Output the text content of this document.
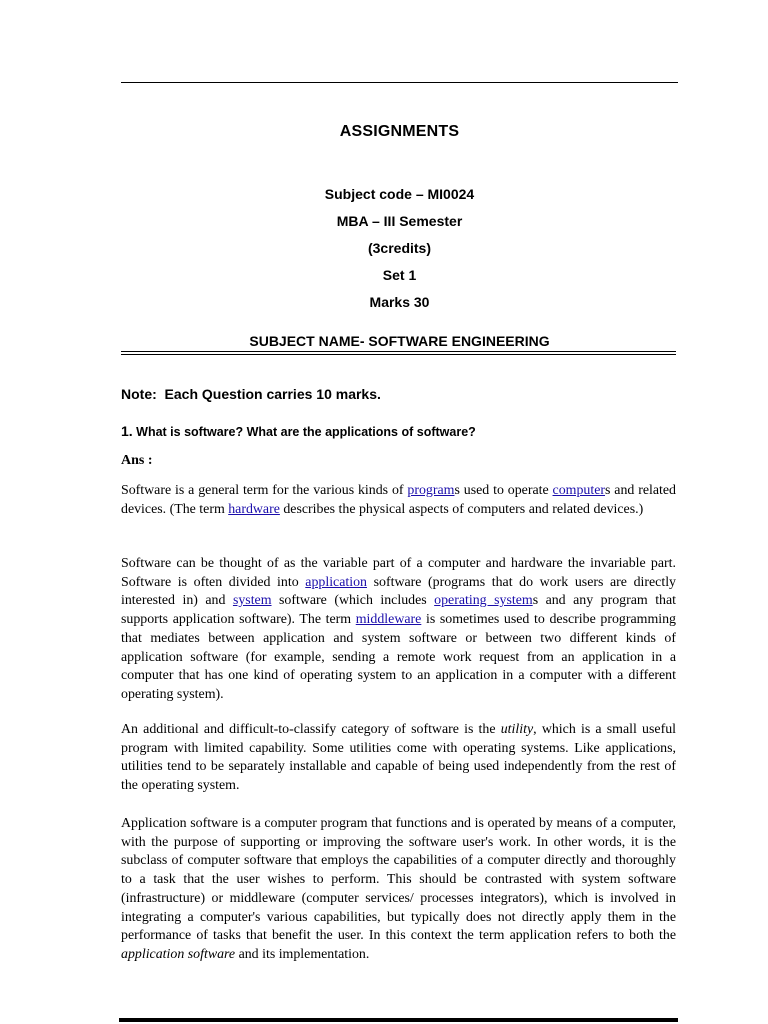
ASSIGNMENTS
Subject code – MI0024
MBA – III Semester
(3credits)
Set 1
Marks 30
SUBJECT NAME- SOFTWARE ENGINEERING
Note:  Each Question carries 10 marks.
1. What is software? What are the applications of software?
Ans :
Software is a general term for the various kinds of programs used to operate computers and related devices. (The term hardware describes the physical aspects of computers and related devices.)
Software can be thought of as the variable part of a computer and hardware the invariable part. Software is often divided into application software (programs that do work users are directly interested in) and system software (which includes operating systems and any program that supports application software). The term middleware is sometimes used to describe programming that mediates between application and system software or between two different kinds of application software (for example, sending a remote work request from an application in a computer that has one kind of operating system to an application in a computer with a different operating system).
An additional and difficult-to-classify category of software is the utility, which is a small useful program with limited capability. Some utilities come with operating systems. Like applications, utilities tend to be separately installable and capable of being used independently from the rest of the operating system.
Application software is a computer program that functions and is operated by means of a computer, with the purpose of supporting or improving the software user's work. In other words, it is the subclass of computer software that employs the capabilities of a computer directly and thoroughly to a task that the user wishes to perform. This should be contrasted with system software (infrastructure) or middleware (computer services/ processes integrators), which is involved in integrating a computer's various capabilities, but typically does not directly apply them in the performance of tasks that benefit the user. In this context the term application refers to both the application software and its implementation.
